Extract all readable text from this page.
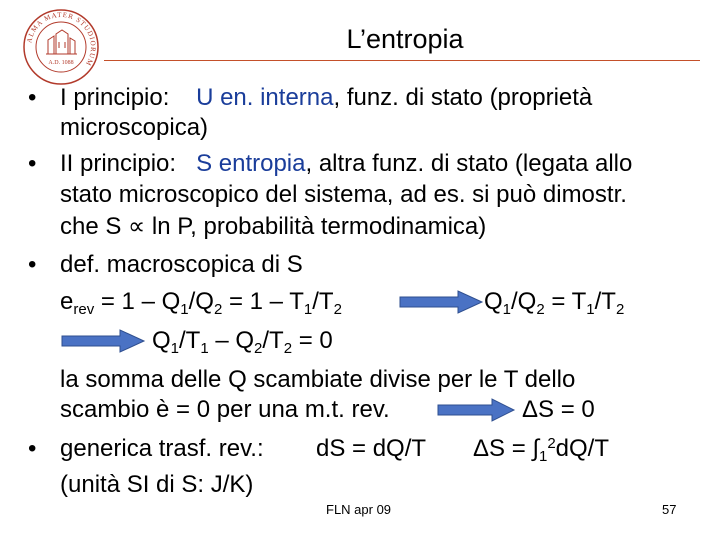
ALMA MATER STUDIORUM
A.D. 1088
L’entropia
• I principio: U en. interna, funz. di stato (proprietà
microscopica)
• II principio: S entropia, altra funz. di stato (legata allo
stato microscopico del sistema, ad es. si può dimostr.
che S ∝ ln P, probabilità termodinamica)
• def. macroscopica di S
$e_{rev} = 1 - Q_1/Q_2 = 1 - T_1/T_2$	$Q_1/Q_2 = T_1/T_2$
$Q_1/T_1 - Q_2/T_2 = 0$
la somma delle Q scambiate divise per le T dello
scambio è = 0 per una m.t. rev.	ΔS = 0
• generica trasf. rev.: dS = dQ/T $\Delta S = \int_1^2dQ/T$
(unità SI di S: J/K)
FLN apr 09	57
